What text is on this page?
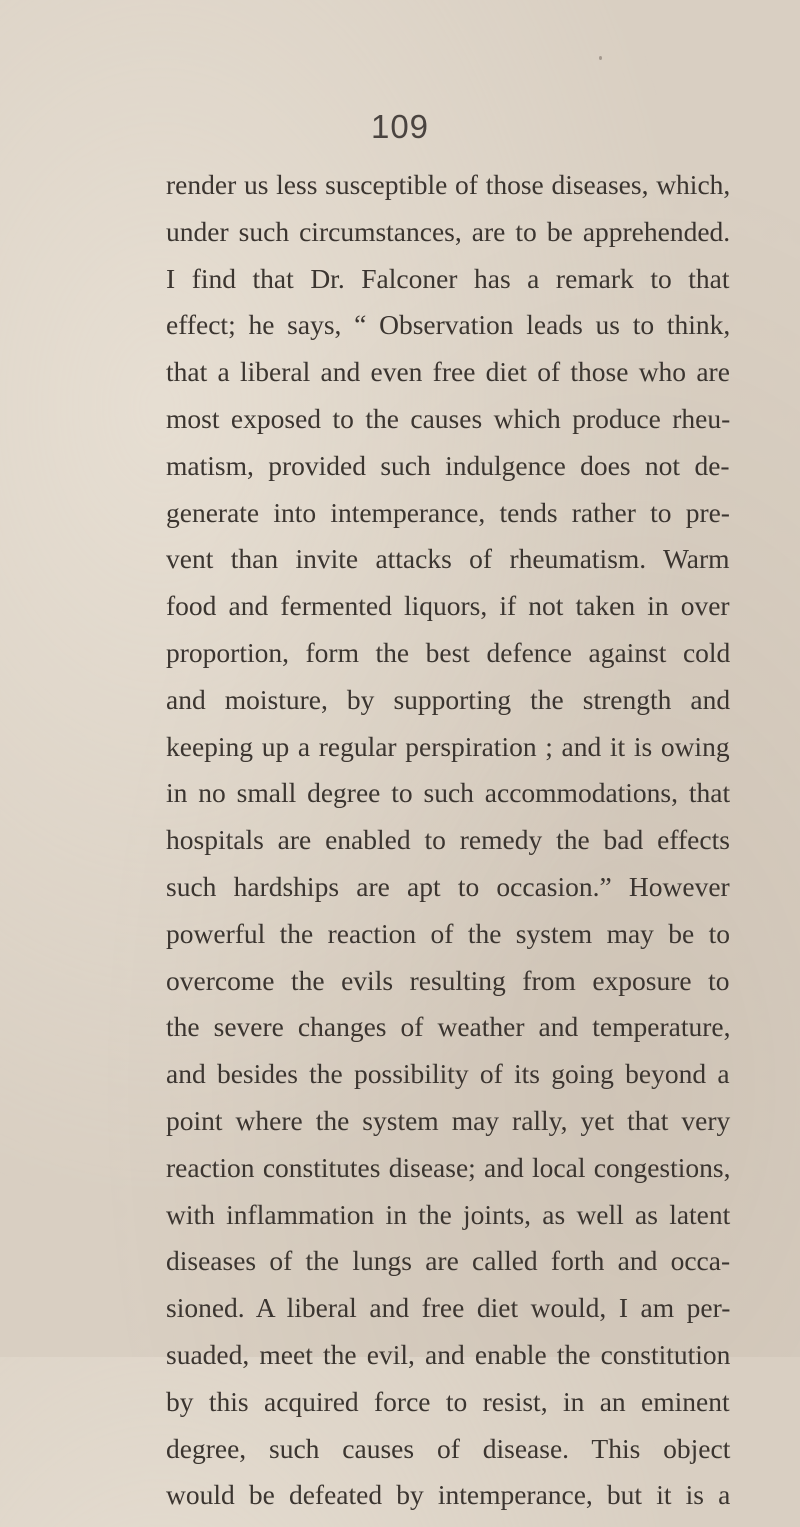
109
render us less susceptible of those diseases, which,
under such circumstances, are to be apprehended.
I find that Dr. Falconer has a remark to that
effect; he says, “ Observation leads us to think,
that a liberal and even free diet of those who are
most exposed to the causes which produce rheu-
matism, provided such indulgence does not de-
generate into intemperance, tends rather to pre-
vent than invite attacks of rheumatism. Warm
food and fermented liquors, if not taken in over
proportion, form the best defence against cold
and moisture, by supporting the strength and
keeping up a regular perspiration ; and it is owing
in no small degree to such accommodations, that
hospitals are enabled to remedy the bad effects
such hardships are apt to occasion.” However
powerful the reaction of the system may be to
overcome the evils resulting from exposure to
the severe changes of weather and temperature,
and besides the possibility of its going beyond a
point where the system may rally, yet that very
reaction constitutes disease; and local congestions,
with inflammation in the joints, as well as latent
diseases of the lungs are called forth and occa-
sioned. A liberal and free diet would, I am per-
suaded, meet the evil, and enable the constitution
by this acquired force to resist, in an eminent
degree, such causes of disease. This object
would be defeated by intemperance, but it is a
